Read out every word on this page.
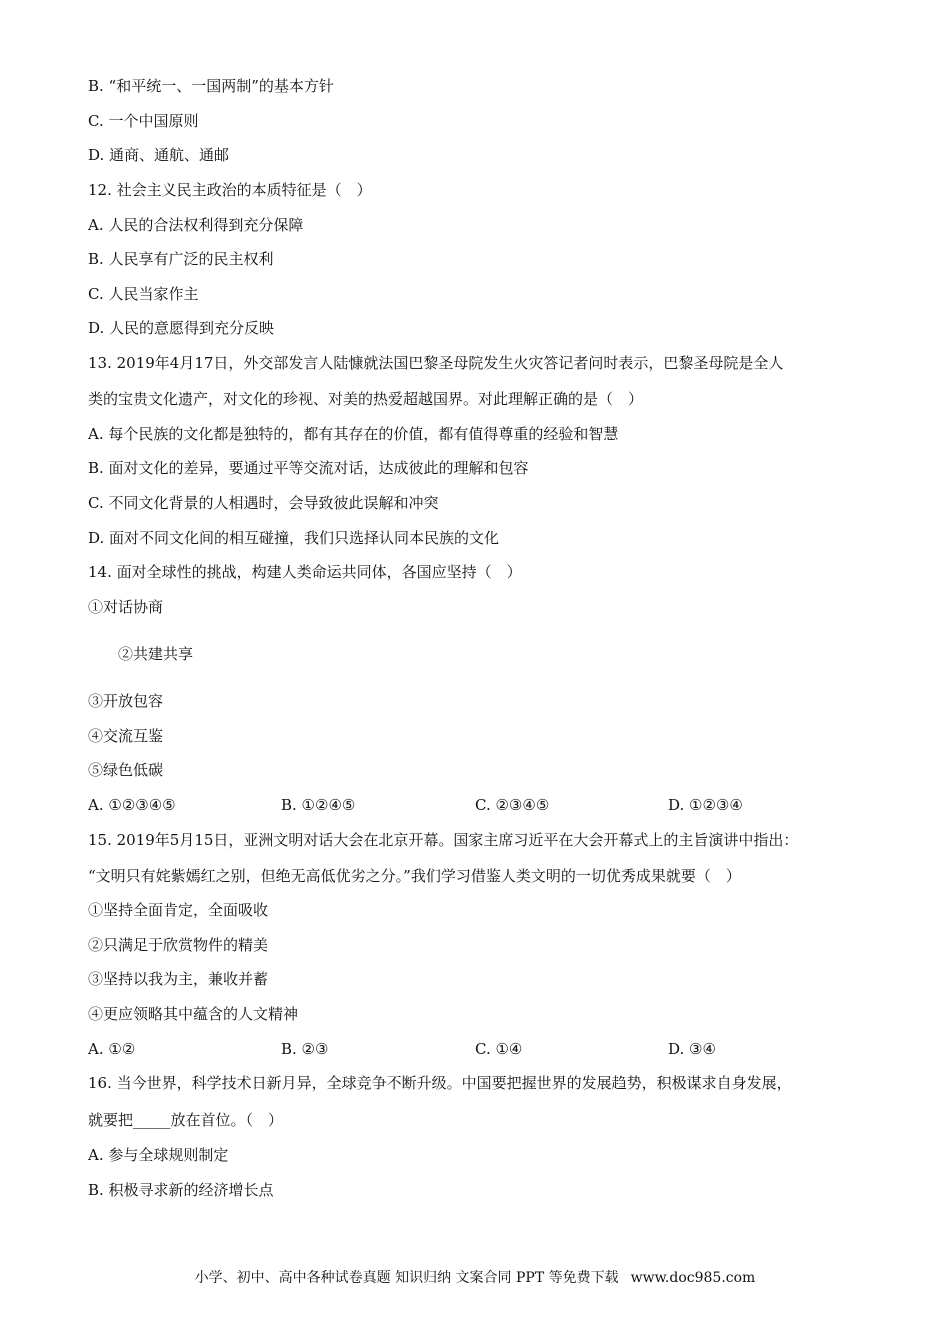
B. “和平统一、一国两制”的基本方针
C. 一个中国原则
D. 通商、通航、通邮
12. 社会主义民主政治的本质特征是（　）
A. 人民的合法权利得到充分保障
B. 人民享有广泛的民主权利
C. 人民当家作主
D. 人民的意愿得到充分反映
13. 2019年4月17日，外交部发言人陆慷就法国巴黎圣母院发生火灾答记者问时表示，巴黎圣母院是全人
类的宝贵文化遗产，对文化的珍视、对美的热爱超越国界。对此理解正确的是（　）
A. 每个民族的文化都是独特的，都有其存在的价值，都有值得尊重的经验和智慧
B. 面对文化的差异，要通过平等交流对话，达成彼此的理解和包容
C. 不同文化背景的人相遇时，会导致彼此误解和冲突
D. 面对不同文化间的相互碰撞，我们只选择认同本民族的文化
14. 面对全球性的挑战，构建人类命运共同体，各国应坚持（　）
①对话协商
②共建共享
③开放包容
④交流互鉴
⑤绿色低碳
A. ①②③④⑤	B. ①②④⑤	C. ②③④⑤	D. ①②③④
15. 2019年5月15日，亚洲文明对话大会在北京开幕。国家主席习近平在大会开幕式上的主旨演讲中指出：
“文明只有姹紫嫣红之别，但绝无高低优劣之分。”我们学习借鉴人类文明的一切优秀成果就要（　）
①坚持全面肯定，全面吸收
②只满足于欣赏物件的精美
③坚持以我为主，兼收并蓄
④更应领略其中蕴含的人文精神
A. ①②	B. ②③	C. ①④	D. ③④
16. 当今世界，科学技术日新月异，全球竞争不断升级。中国要把握世界的发展趋势，积极谋求自身发展，
就要把_____放在首位。（　）
A. 参与全球规则制定
B. 积极寻求新的经济增长点
小学、初中、高中各种试卷真题 知识归纳 文案合同 PPT 等免费下载 www.doc985.com
